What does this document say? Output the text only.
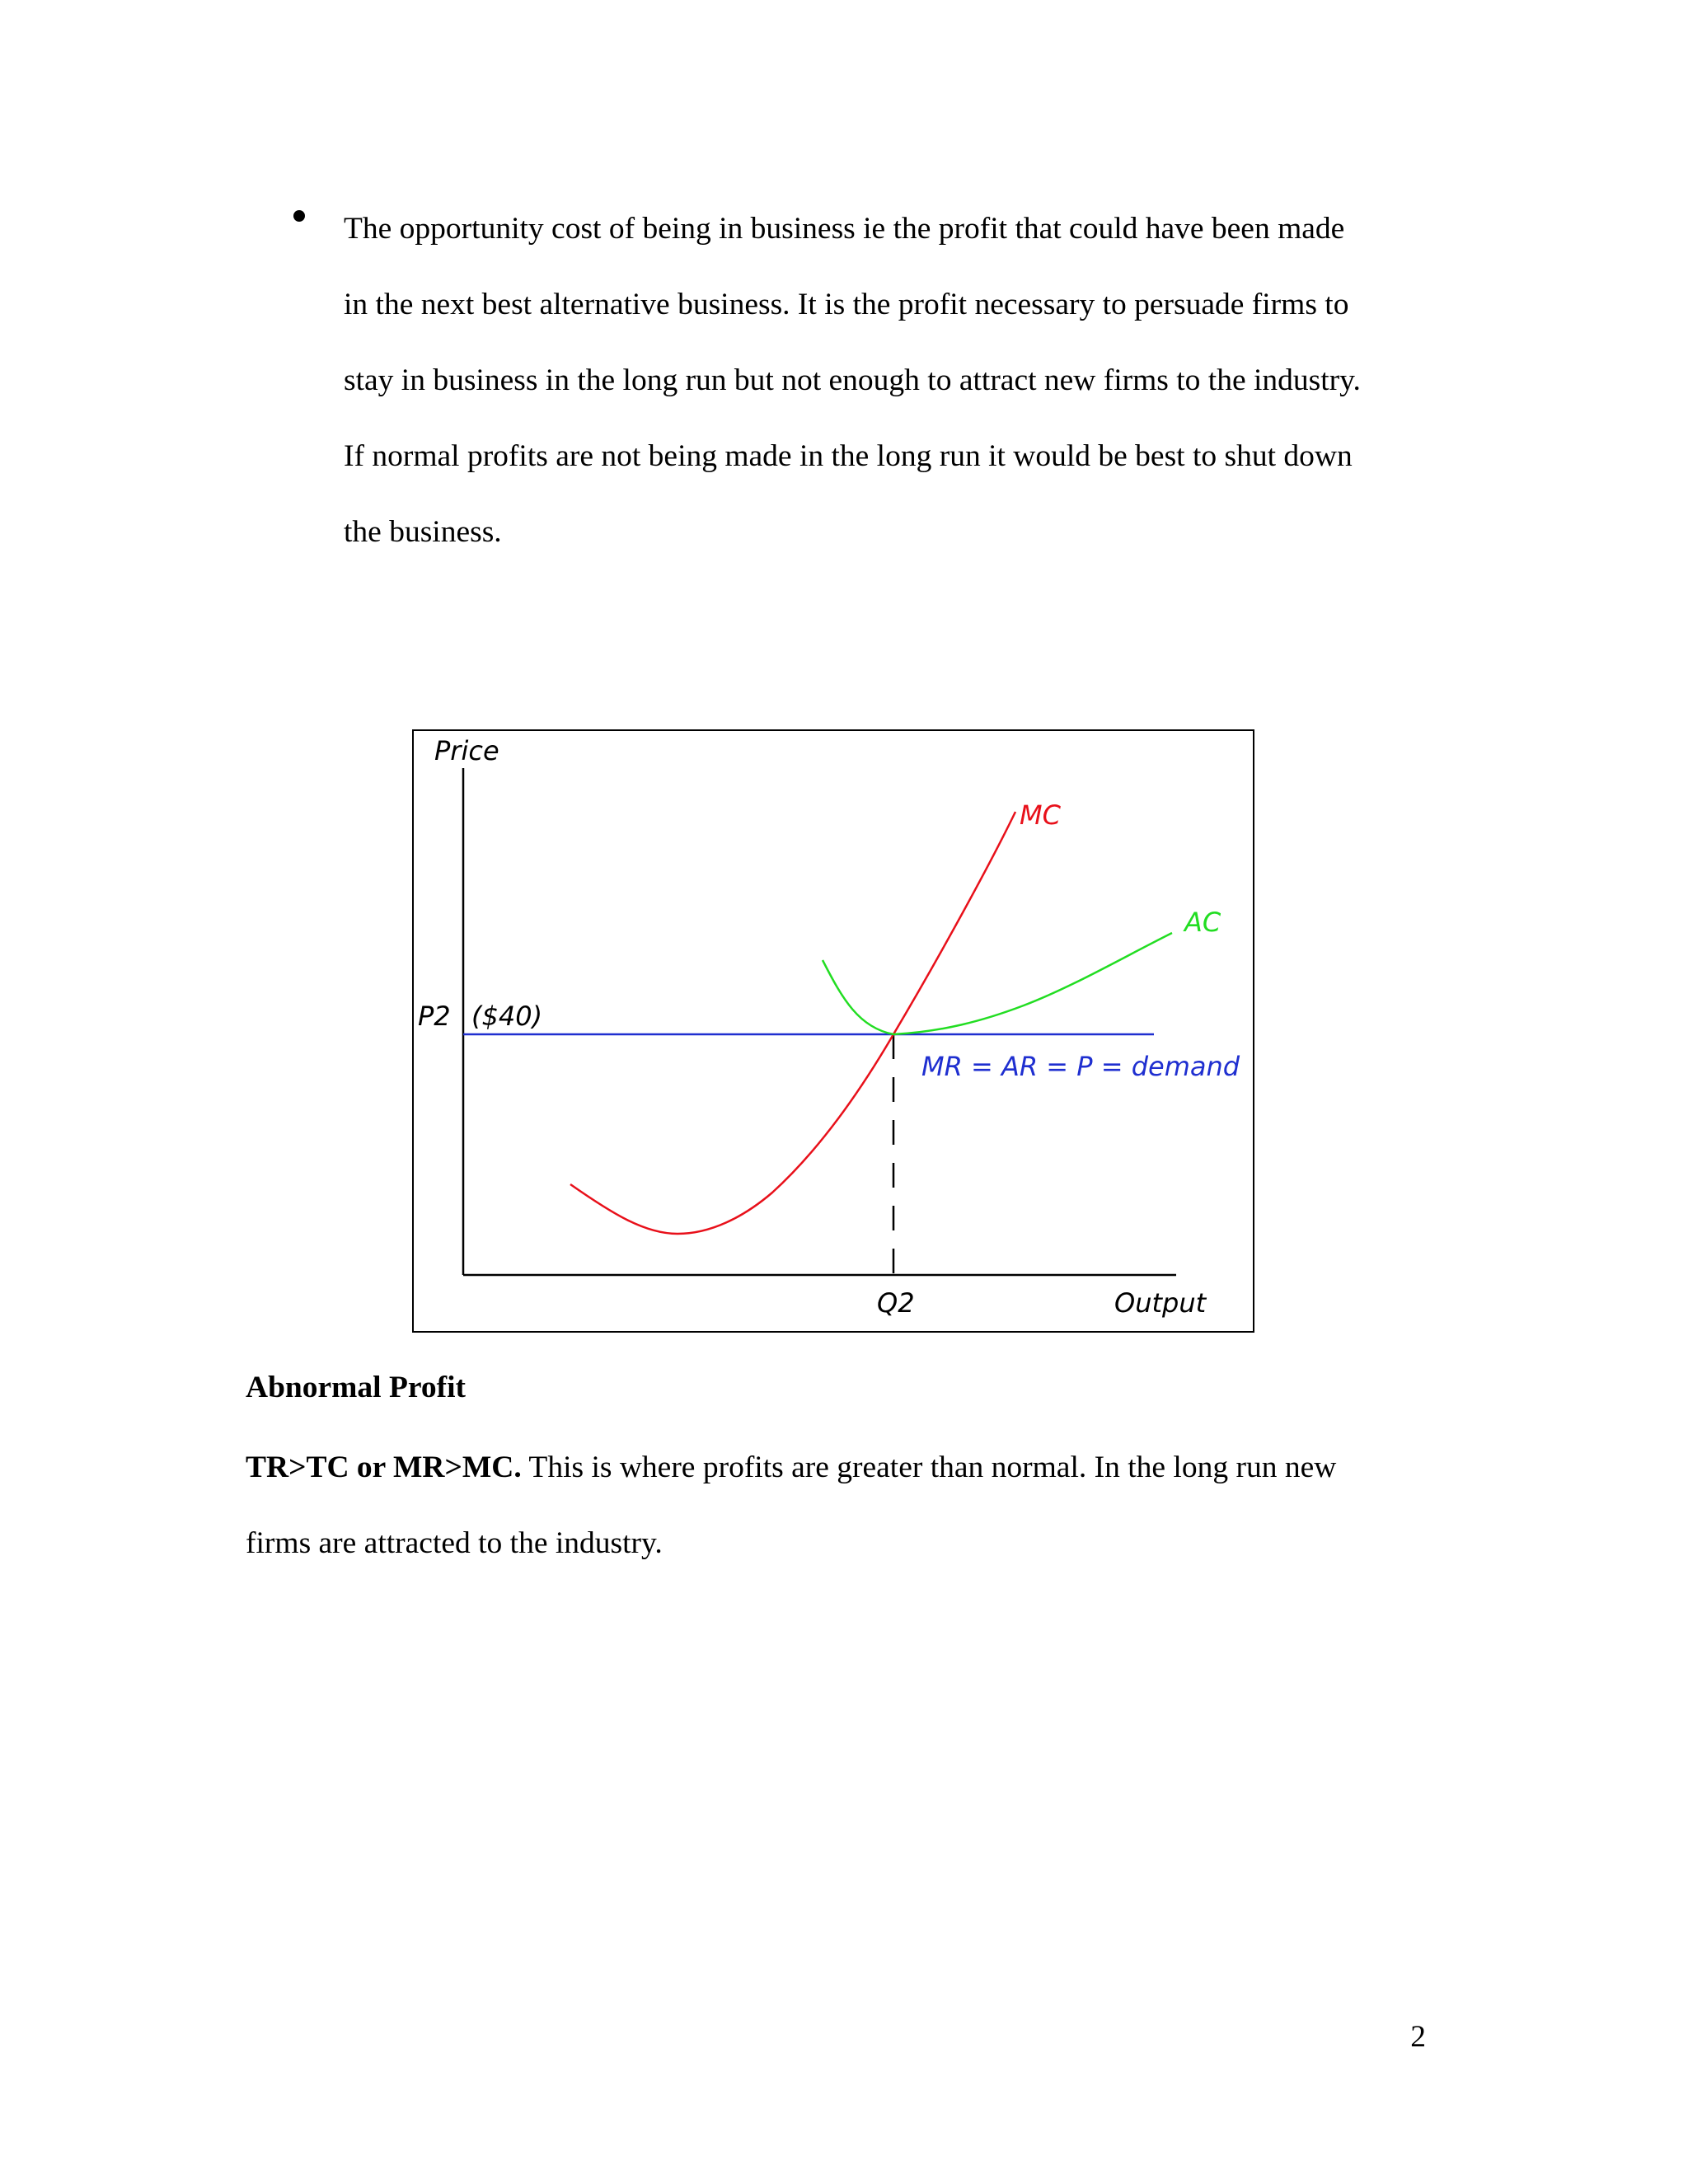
The opportunity cost of being in business ie the profit that could have been made
in the next best alternative business. It is the profit necessary to persuade firms to
stay in business in the long run but not enough to attract new firms to the industry.
If normal profits are not being made in the long run it would be best to shut down
the business.

Price
Output
P2 ($40)
Q2
MR = AR = P = demand
MC
AC

Abnormal Profit

TR>TC or MR>MC. This is where profits are greater than normal. In the long run new
firms are attracted to the industry.

2
